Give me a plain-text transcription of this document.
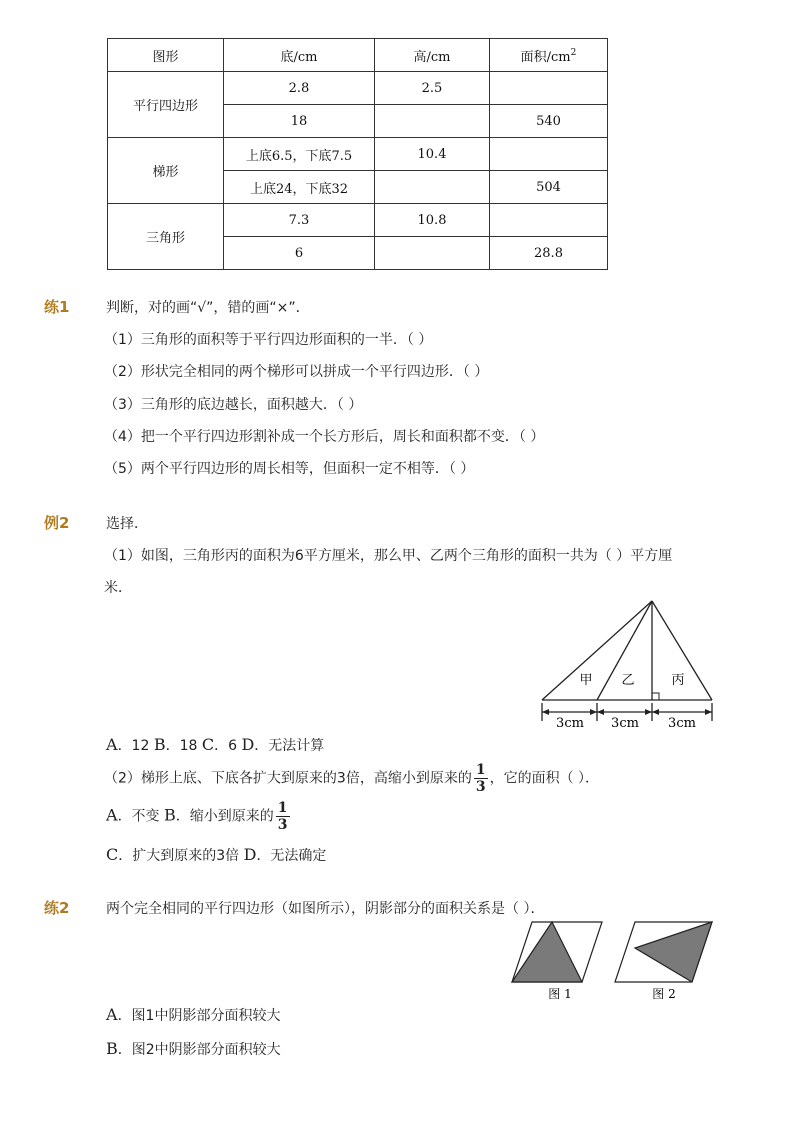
图形	底/cm	高/cm	面积$/cm^2$
平行四边形	2.8	2.5	
	18		540
梯形	上底6.5，下底7.5	10.4	
	上底24，下底32		504
三角形	7.3	10.8	
	6		28.8
练1	判断，对的画“√”，错的画“×”．
（1）三角形的面积等于平行四边形面积的一半．（ ）
（2）形状完全相同的两个梯形可以拼成一个平行四边形．（ ）
（3）三角形的底边越长，面积越大．（ ）
（4）把一个平行四边形割补成一个长方形后，周长和面积都不变．（ ）
（5）两个平行四边形的周长相等，但面积一定不相等．（ ）
例2	选择．
（1）如图，三角形丙的面积为6平方厘米，那么甲、乙两个三角形的面积一共为（ ）平方厘
米．
甲 乙	丙
3cm 3cm 3cm
A．12 B．18 C．6 D．无法计算
（2）梯形上底、下底各扩大到原来的3倍，高缩小到原来的 $\frac{1}{3}$ ，它的面积（ ）．
A．不变 B．缩小到原来的 $\frac{1}{3}$
C．扩大到原来的3倍 D．无法确定
练2	两个完全相同的平行四边形（如图所示），阴影部分的面积关系是（ ）．
图 1	图 2
A．图1中阴影部分面积较大
B．图2中阴影部分面积较大
